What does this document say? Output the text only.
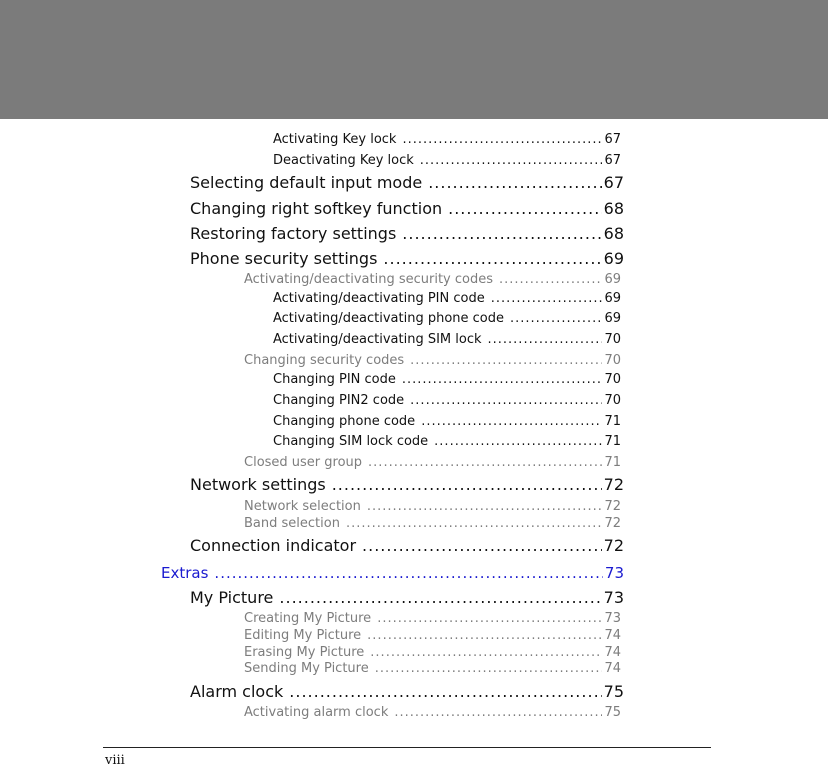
Activating Key lock .....	67
Deactivating Key lock .....	67
Selecting default input mode .....	67
Changing right softkey function .....	68
Restoring factory settings .....	68
Phone security settings .....	69
Activating/deactivating security codes .....	69
Activating/deactivating PIN code .....	69
Activating/deactivating phone code .....	69
Activating/deactivating SIM lock .....	70
Changing security codes .....	70
Changing PIN code .....	70
Changing PIN2 code .....	70
Changing phone code .....	71
Changing SIM lock code .....	71
Closed user group .....	71
Network settings .....	72
Network selection .....	72
Band selection .....	72
Connection indicator .....	72
Extras .....	73
My Picture .....	73
Creating My Picture .....	73
Editing My Picture .....	74
Erasing My Picture .....	74
Sending My Picture .....	74
Alarm clock .....	75
Activating alarm clock .....	75
viii
